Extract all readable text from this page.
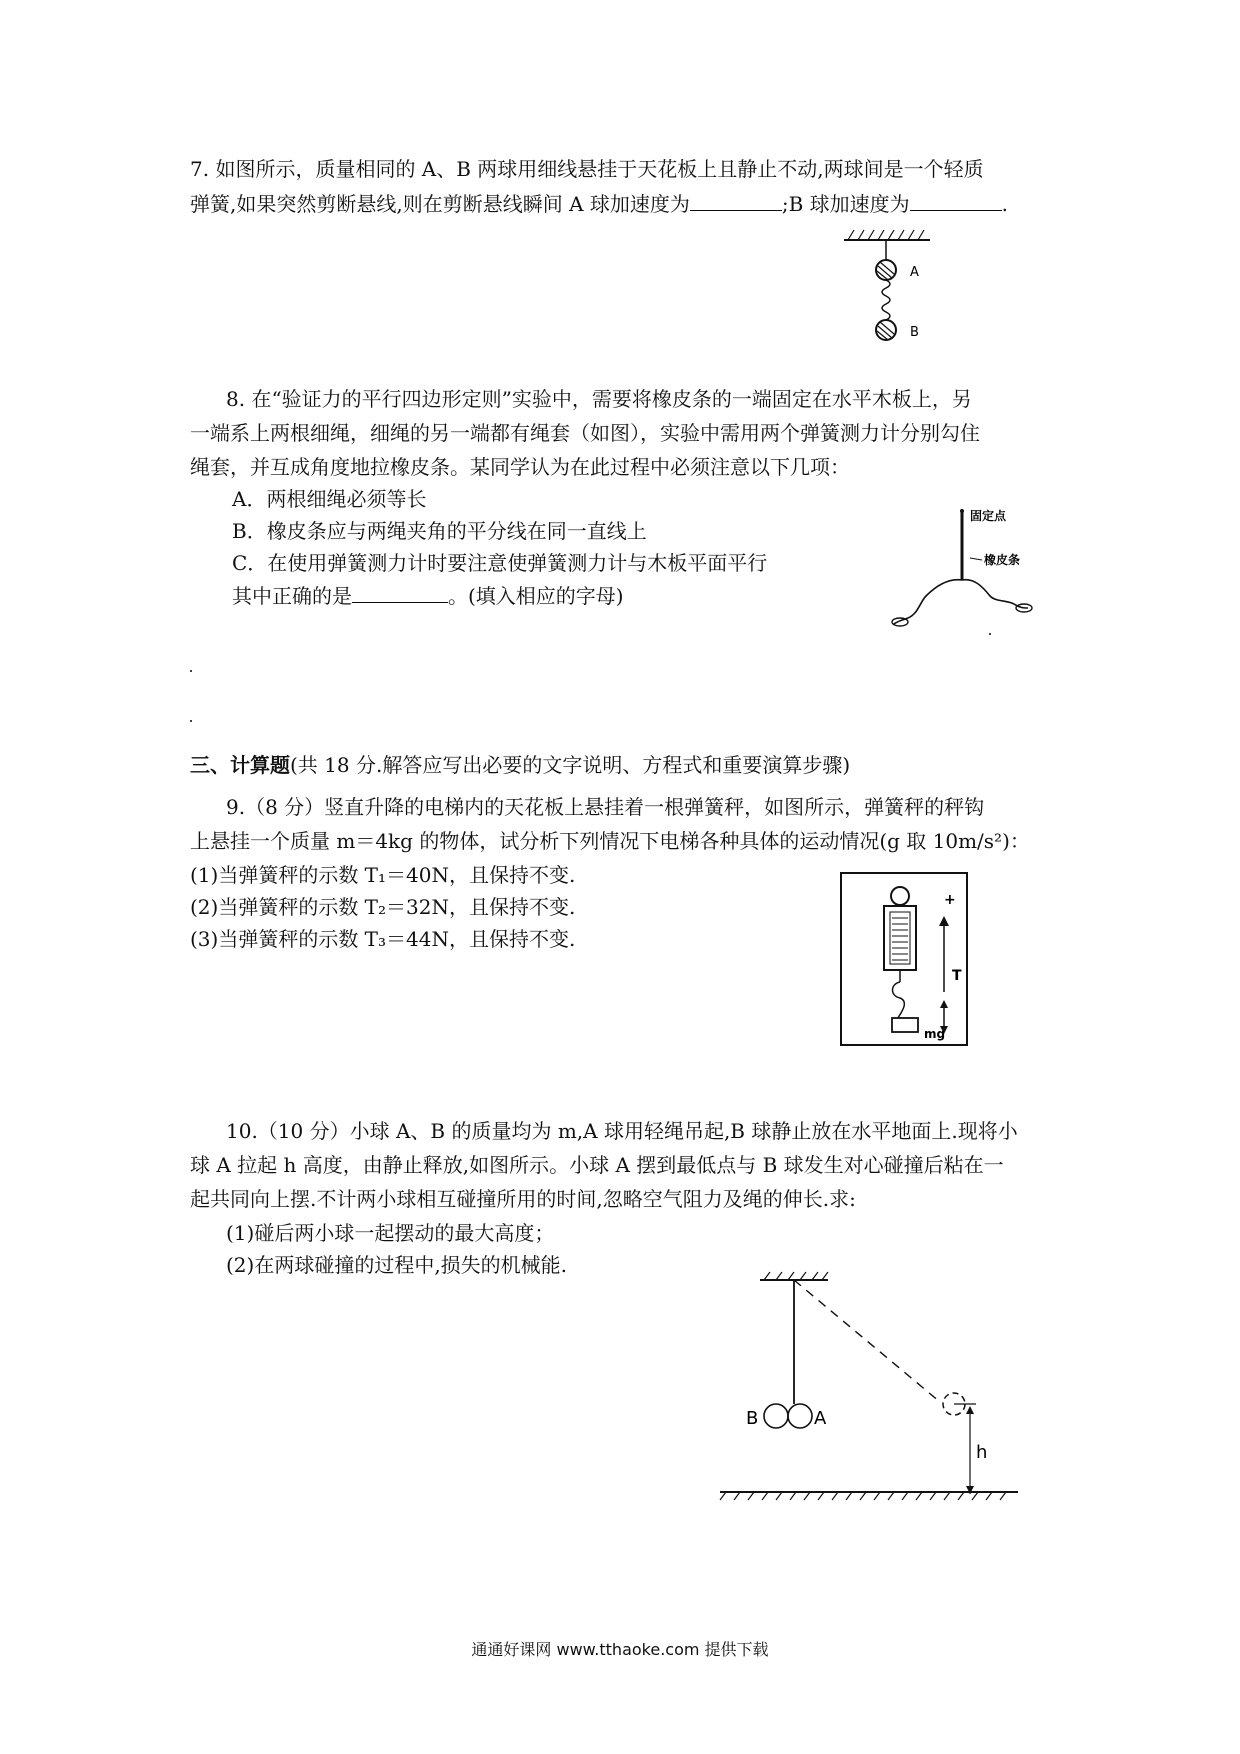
7. 如图所示，质量相同的 A、B 两球用细线悬挂于天花板上且静止不动,两球间是一个轻质
弹簧,如果突然剪断悬线,则在剪断悬线瞬间 A 球加速度为	;B 球加速度为	.
A
B
8. 在“验证力的平行四边形定则”实验中，需要将橡皮条的一端固定在水平木板上，另
一端系上两根细绳，细绳的另一端都有绳套（如图），实验中需用两个弹簧测力计分别勾住
绳套，并互成角度地拉橡皮条。某同学认为在此过程中必须注意以下几项：
A．两根细绳必须等长
B．橡皮条应与两绳夹角的平分线在同一直线上
C．在使用弹簧测力计时要注意使弹簧测力计与木板平面平行
其中正确的是	。(填入相应的字母)
固定点
橡皮条
三、计算题(共 18 分.解答应写出必要的文字说明、方程式和重要演算步骤)
9.（8 分）竖直升降的电梯内的天花板上悬挂着一根弹簧秤，如图所示，弹簧秤的秤钩
上悬挂一个质量 m＝4kg 的物体，试分析下列情况下电梯各种具体的运动情况(g 取 10m/s²)：
(1)当弹簧秤的示数 T₁＝40N，且保持不变.
(2)当弹簧秤的示数 T₂＝32N，且保持不变.
(3)当弹簧秤的示数 T₃＝44N，且保持不变.
+
T
mg
10.（10 分）小球 A、B 的质量均为 m,A 球用轻绳吊起,B 球静止放在水平地面上.现将小
球 A 拉起 h 高度，由静止释放,如图所示。小球 A 摆到最低点与 B 球发生对心碰撞后粘在一
起共同向上摆.不计两小球相互碰撞所用的时间,忽略空气阻力及绳的伸长.求:
(1)碰后两小球一起摆动的最大高度；
(2)在两球碰撞的过程中,损失的机械能.
h
B	A
通通好课网 www.tthaoke.com 提供下载
